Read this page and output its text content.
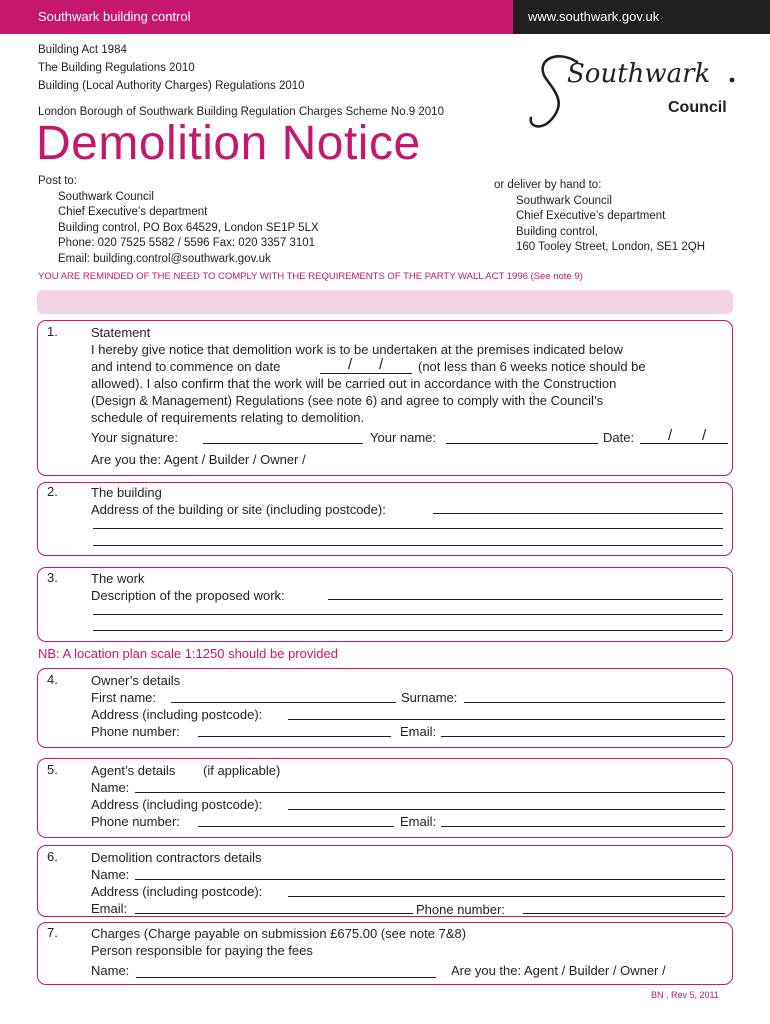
Southwark building control	www.southwark.gov.uk
Building Act 1984
The Building Regulations 2010
Building (Local Authority Charges) Regulations 2010
London Borough of Southwark Building Regulation Charges Scheme No.9 2010
Southwark
Council
Demolition Notice
Post to:
Southwark Council
Chief Executive’s department
Building control, PO Box 64529, London SE1P 5LX
Phone: 020 7525 5582 / 5596 Fax: 020 3357 3101
Email: building.control@southwark.gov.uk
or deliver by hand to:
Southwark Council
Chief Executive’s department
Building control,
160 Tooley Street, London, SE1 2QH
YOU ARE REMINDED OF THE NEED TO COMPLY WITH THE REQUIREMENTS OF THE PARTY WALL ACT 1996 (See note 9)
1.	Statement
I hereby give notice that demolition work is to be undertaken at the premises indicated below
and intend to commence on date	/ /	(not less than 6 weeks notice should be
allowed). I also confirm that the work will be carried out in accordance with the Construction
(Design & Management) Regulations (see note 6) and agree to comply with the Council’s
schedule of requirements relating to demolition.
Your signature:	Your name:	Date: / /
Are you the: Agent / Builder / Owner /
2.	The building
Address of the building or site (including postcode):
3.	The work
Description of the proposed work:
NB: A location plan scale 1:1250 should be provided
4.	Owner’s details
First name:	Surname:
Address (including postcode):
Phone number:	Email:
5.	Agent’s details (if applicable)
Name:
Address (including postcode):
Phone number:	Email:
6.	Demolition contractors details
Name:
Address (including postcode):
Email:	Phone number:
7.	Charges (Charge payable on submission £675.00 (see note 7&8)
Person responsible for paying the fees
Name:	Are you the: Agent / Builder / Owner /
BN , Rev 5, 2011
